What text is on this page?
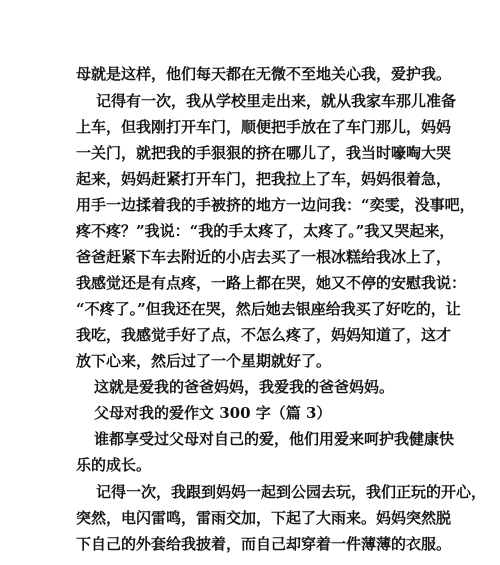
母就是这样，他们每天都在无微不至地关心我，爱护我。
记得有一次，我从学校里走出来，就从我家车那儿准备
上车，但我刚打开车门，顺便把手放在了车门那儿，妈妈
一关门，就把我的手狠狠的挤在哪儿了，我当时嚎啕大哭
起来，妈妈赶紧打开车门，把我拉上了车，妈妈很着急，
用手一边揉着我的手被挤的地方一边问我：“奕雯，没事吧，
疼不疼？”我说：“我的手太疼了，太疼了。”我又哭起来，
爸爸赶紧下车去附近的小店去买了一根冰糕给我冰上了，
我感觉还是有点疼，一路上都在哭，她又不停的安慰我说：
“不疼了。”但我还在哭，然后她去银座给我买了好吃的，让
我吃，我感觉手好了点，不怎么疼了，妈妈知道了，这才
放下心来，然后过了一个星期就好了。
这就是爱我的爸爸妈妈，我爱我的爸爸妈妈。
父母对我的爱作文 300 字（篇 3）
谁都享受过父母对自己的爱，他们用爱来呵护我健康快
乐的成长。
记得一次，我跟到妈妈一起到公园去玩，我们正玩的开心，
突然，电闪雷鸣，雷雨交加，下起了大雨来。妈妈突然脱
下自己的外套给我披着，而自己却穿着一件薄薄的衣服。
